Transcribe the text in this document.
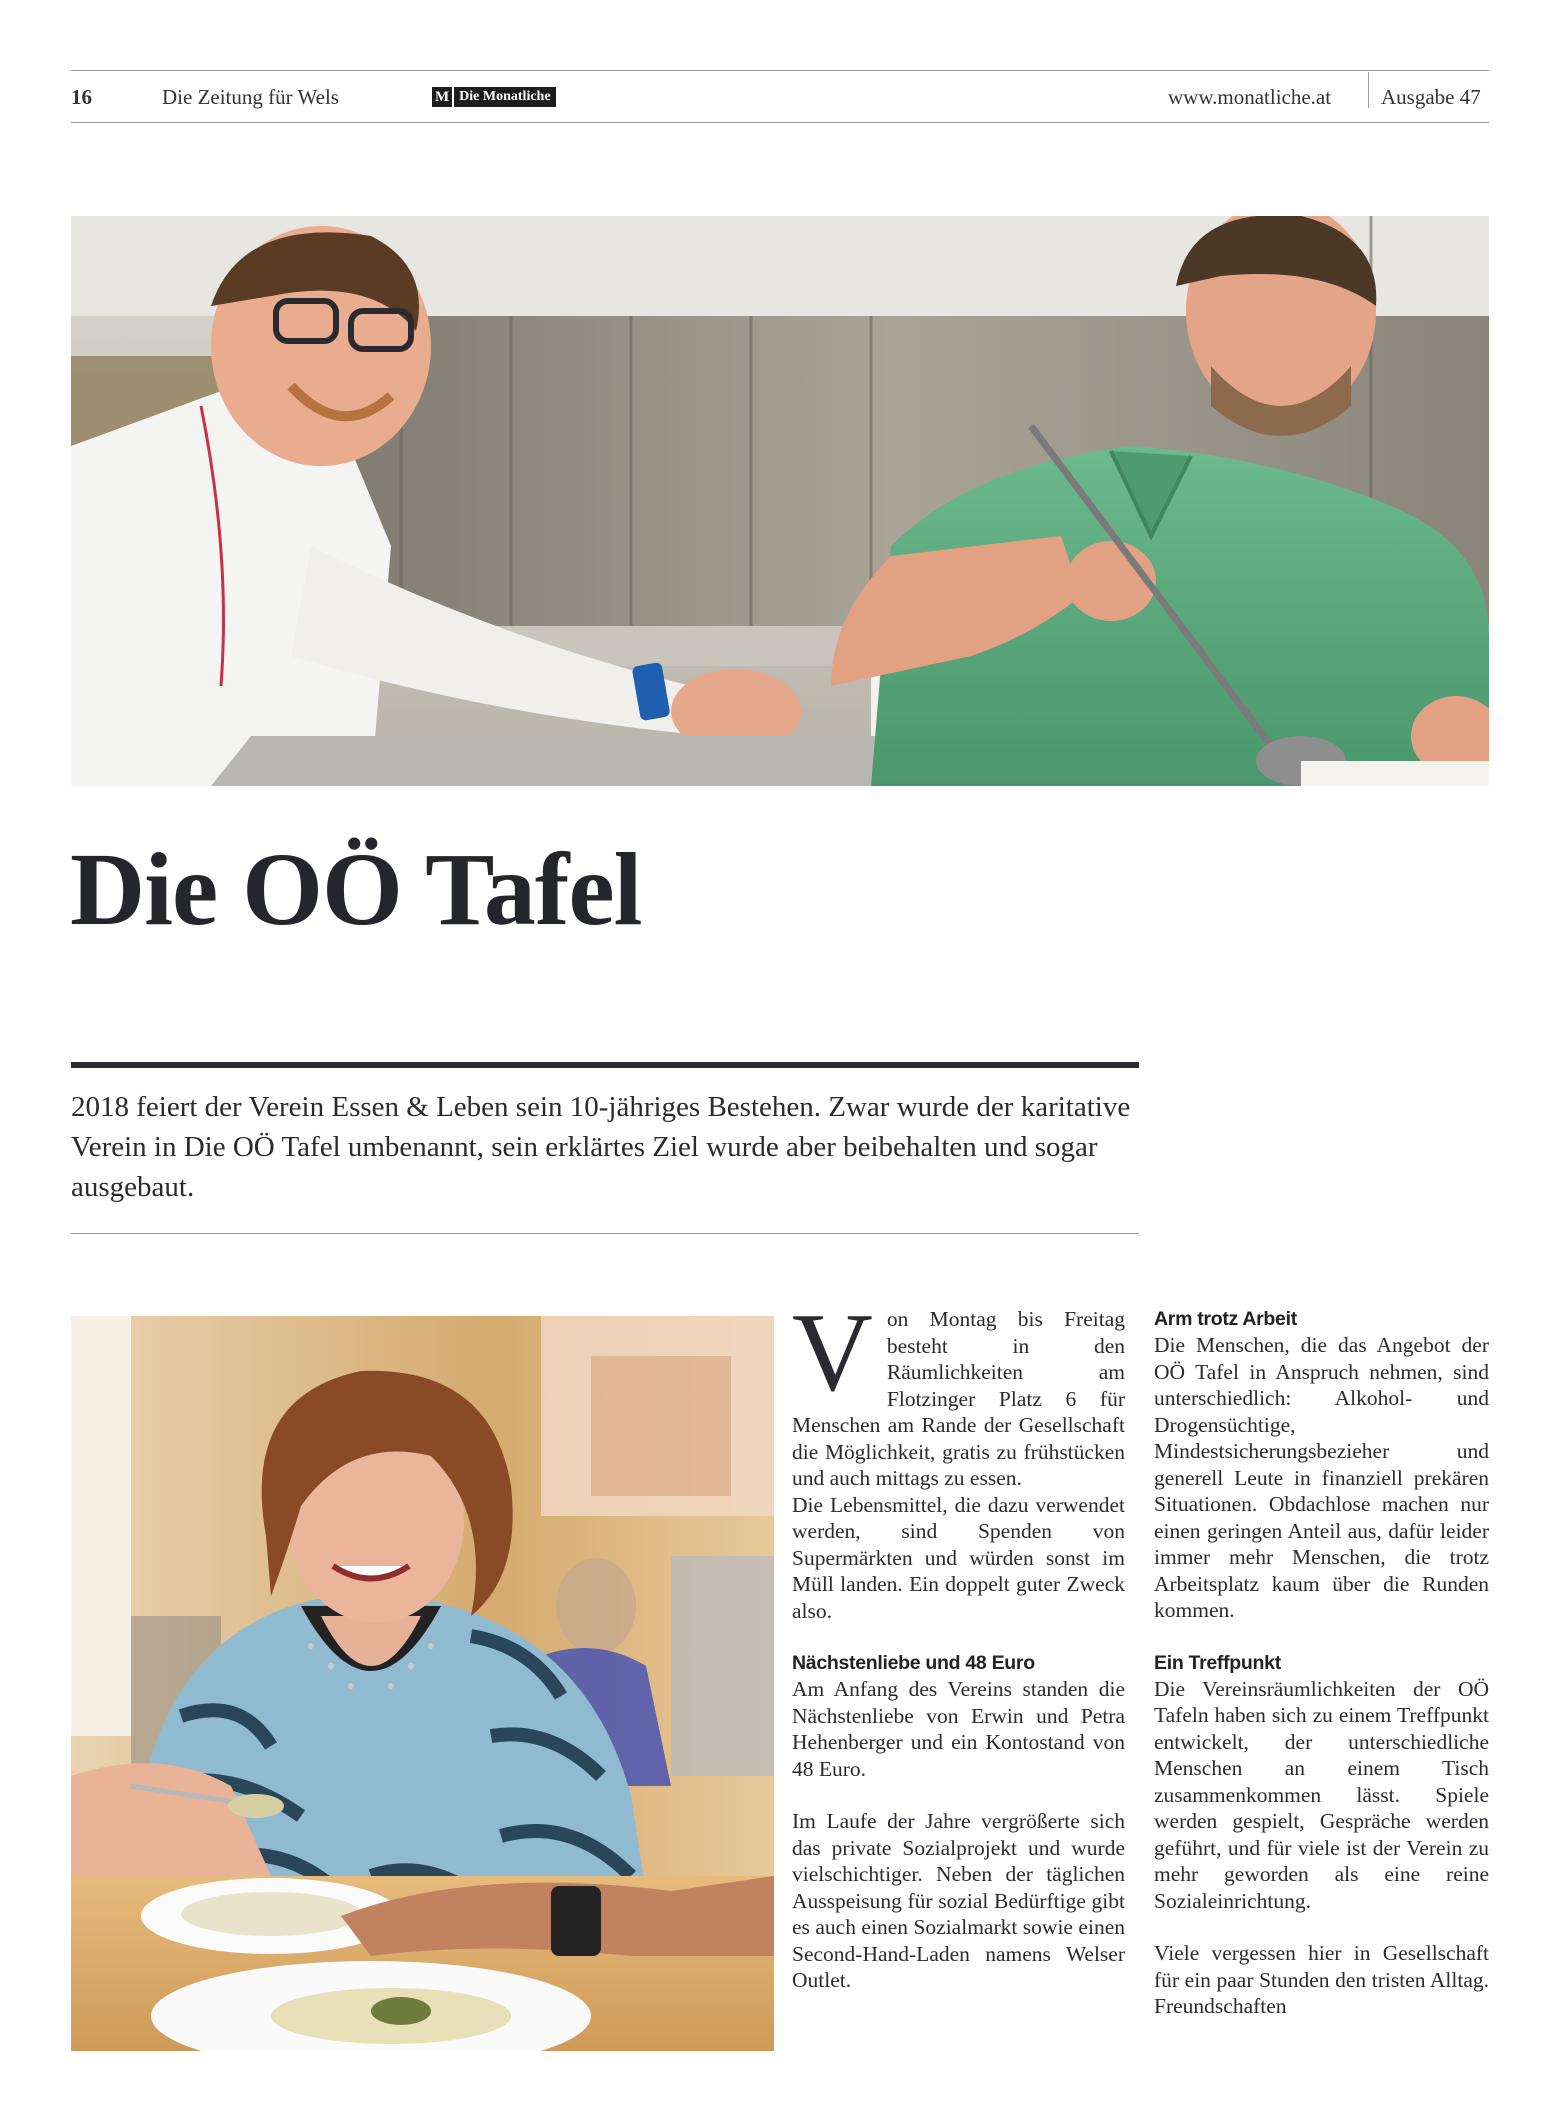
16	Die Zeitung für Wels	M Die Monatliche	www.monatliche.at Ausgabe 47
Die OÖ Tafel

2018 feiert der Verein Essen & Leben sein 10-jähriges Bestehen. Zwar wurde der karitative Verein in Die OÖ Tafel umbenannt, sein erklärtes Ziel wurde aber beibehalten und sogar ausgebaut.

Von Montag bis Freitag besteht in den Räumlichkeiten am Flotzinger Platz 6 für Menschen am Rande der Gesellschaft die Möglichkeit, gratis zu frühstücken und auch mittags zu essen.

Die Lebensmittel, die dazu verwendet werden, sind Spenden von Supermärkten und würden sonst im Müll landen. Ein doppelt guter Zweck also.

Nächstenliebe und 48 Euro

Am Anfang des Vereins standen die Nächstenliebe von Erwin und Petra Hehenberger und ein Kontostand von 48 Euro.

Im Laufe der Jahre vergrößerte sich das private Sozialprojekt und wurde vielschichtiger. Neben der täglichen Ausspeisung für sozial Bedürftige gibt es auch einen Sozialmarkt sowie einen Second-Hand-Laden namens Welser Outlet.

Arm trotz Arbeit

Die Menschen, die das Angebot der OÖ Tafel in Anspruch nehmen, sind unterschiedlich: Alkohol- und Drogensüchtige, Mindestsicherungsbezieher und generell Leute in finanziell prekären Situationen. Obdachlose machen nur einen geringen Anteil aus, dafür leider immer mehr Menschen, die trotz Arbeitsplatz kaum über die Runden kommen.

Ein Treffpunkt

Die Vereinsräumlichkeiten der OÖ Tafeln haben sich zu einem Treffpunkt entwickelt, der unterschiedliche Menschen an einem Tisch zusammenkommen lässt. Spiele werden gespielt, Gespräche werden geführt, und für viele ist der Verein zu mehr geworden als eine reine Sozialeinrichtung.

Viele vergessen hier in Gesellschaft für ein paar Stunden den tristen Alltag. Freundschaften
